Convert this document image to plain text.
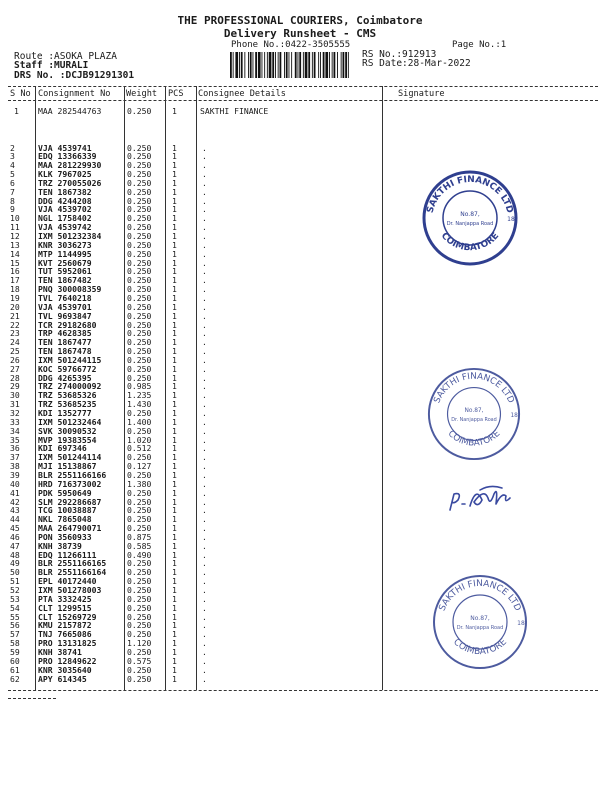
THE PROFESSIONAL COURIERS, Coimbatore
Delivery Runsheet - CMS
Phone No.:0422-3505555	Page No.:1
Route :ASOKA PLAZA
Staff :MURALI
DRS No. :DCJB91291301
RS No.:912913
RS Date:28-Mar-2022
S No Consignment No Weight PCS Consignee Details	Signature
1 MAA 282544763	0.250	1	SAKTHI FINANCE
2	VJA 4539741	0.250	1	.
3	EDQ 13366339	0.250	1	.
4	MAA 281229930	0.250	1	.
5	KLK 7967025	0.250	1	.
6	TRZ 270055026	0.250	1	.
7	TEN 1867382	0.250	1	.
8	DDG 4244208	0.250	1	.
9	VJA 4539702	0.250	1	.
10 NGL 1758402	0.250	1	.
11 VJA 4539742	0.250	1	.
12 IXM 501232384	0.250	1	.
13 KNR 3036273	0.250	1	.
14 MTP 1144995	0.250	1	.
15 KVT 2560679	0.250	1	.
16 TUT 5952061	0.250	1	.
17 TEN 1867482	0.250	1	.
18 PNQ 300008359	0.250	1	.
19 TVL 7640218	0.250	1	.
20 VJA 4539701	0.250	1	.
21 TVL 9693847	0.250	1	.
22 TCR 29182680	0.250	1	.
23 TRP 4628385	0.250	1	.
24 TEN 1867477	0.250	1	.
25 TEN 1867478	0.250	1	.
26 IXM 501244115	0.250	1	.
27 KOC 59766772	0.250	1	.
28 DDG 4265395	0.250	1	.
29 TRZ 274000092	0.985	1	.
30 TRZ 53685326	1.235	1	.
31 TRZ 53685235	1.430	1	.
32 KDI 1352777	0.250	1	.
33 IXM 501232464	1.400	1	.
34 SVK 30090532	0.250	1	.
35 MVP 19383554	1.020	1	.
36 KDI 697346	0.512	1	.
37 IXM 501244114	0.250	1	.
38 MJI 15138867	0.127	1	.
39 BLR 2551166166	0.250	1	.
40 HRD 716373002	1.380	1	.
41 PDK 5950649	0.250	1	.
42 SLM 292286687	0.250	1	.
43 TCG 10038887	0.250	1	.
44 NKL 7865048	0.250	1	.
45 MAA 264790071	0.250	1	.
46 PON 3560933	0.875	1	.
47 KNH 38739	0.585	1	.
48 EDQ 11266111	0.490	1	.
49 BLR 2551166165	0.250	1	.
50 BLR 2551166164	0.250	1	.
51 EPL 40172440	0.250	1	.
52 IXM 501278003	0.250	1	.
53 PTA 3332425	0.250	1	.
54 CLT 1299515	0.250	1	.
55 CLT 15269729	0.250	1	.
56 KMU 2157872	0.250	1	.
57 TNJ 7665086	0.250	1	.
58 PRO 13131825	1.120	1	.
59 KNH 38741	0.250	1	.
60 PRO 12849622	0.575	1	.
61 KNR 3035640	0.250	1	.
62 APY 614345	0.250	1	.
SAKTHI FINANCE LTD
COIMBATORE
No.87,
Dr. Nanjappa Road
18
SAKTHI FINANCE LTD
COIMBATORE
No.87,
Dr. Nanjappa Road
18
SAKTHI FINANCE LTD
COIMBATORE
No.87,
Dr. Nanjappa Road
18
